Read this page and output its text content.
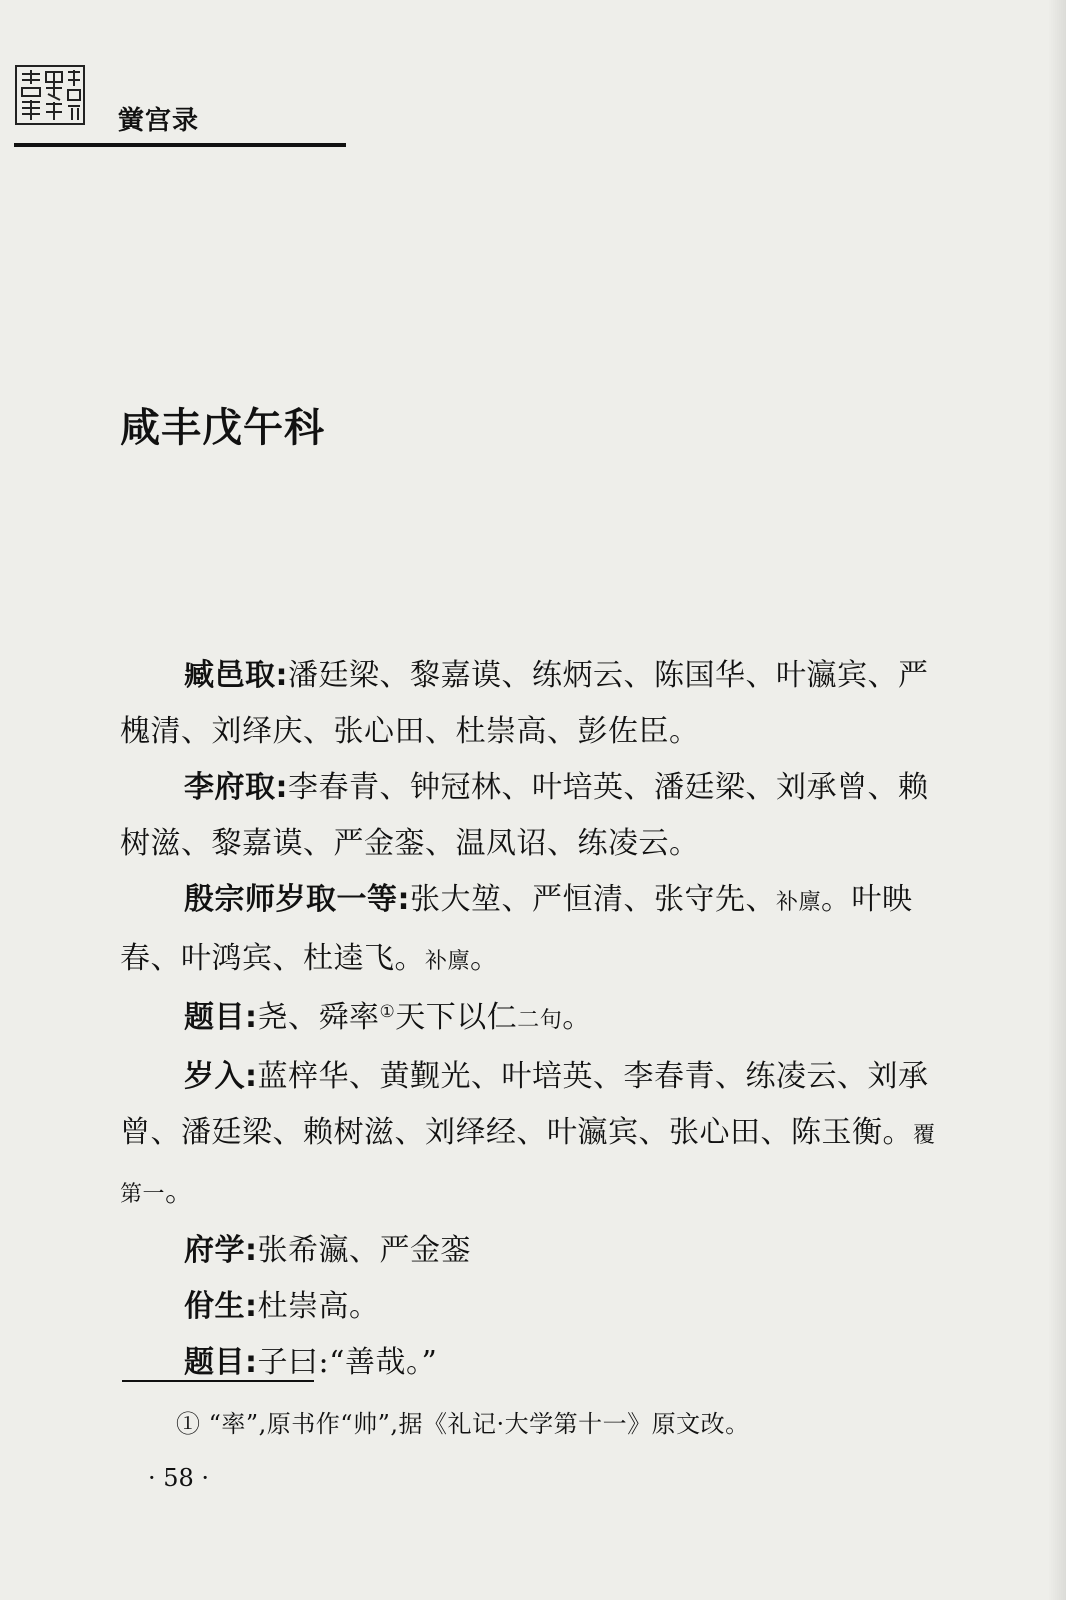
黉宫录
咸丰戊午科

臧邑取:潘廷梁、黎嘉谟、练炳云、陈国华、叶瀛宾、严槐清、刘绎庆、张心田、杜崇高、彭佐臣。

李府取:李春青、钟冠林、叶培英、潘廷梁、刘承曾、赖树滋、黎嘉谟、严金銮、温凤诏、练凌云。

殷宗师岁取一等:张大堃、严恒清、张守先、补廪。叶映春、叶鸿宾、杜逵飞。补廪。

题目:尧、舜率①天下以仁二句。

岁入:蓝梓华、黄觐光、叶培英、李春青、练凌云、刘承曾、潘廷梁、赖树滋、刘绎经、叶瀛宾、张心田、陈玉衡。覆第一。

府学:张希瀛、严金銮

佾生:杜崇高。

题目:子曰:“善哉。”

① “率”,原书作“帅”,据《礼记·大学第十一》原文改。

· 58 ·
